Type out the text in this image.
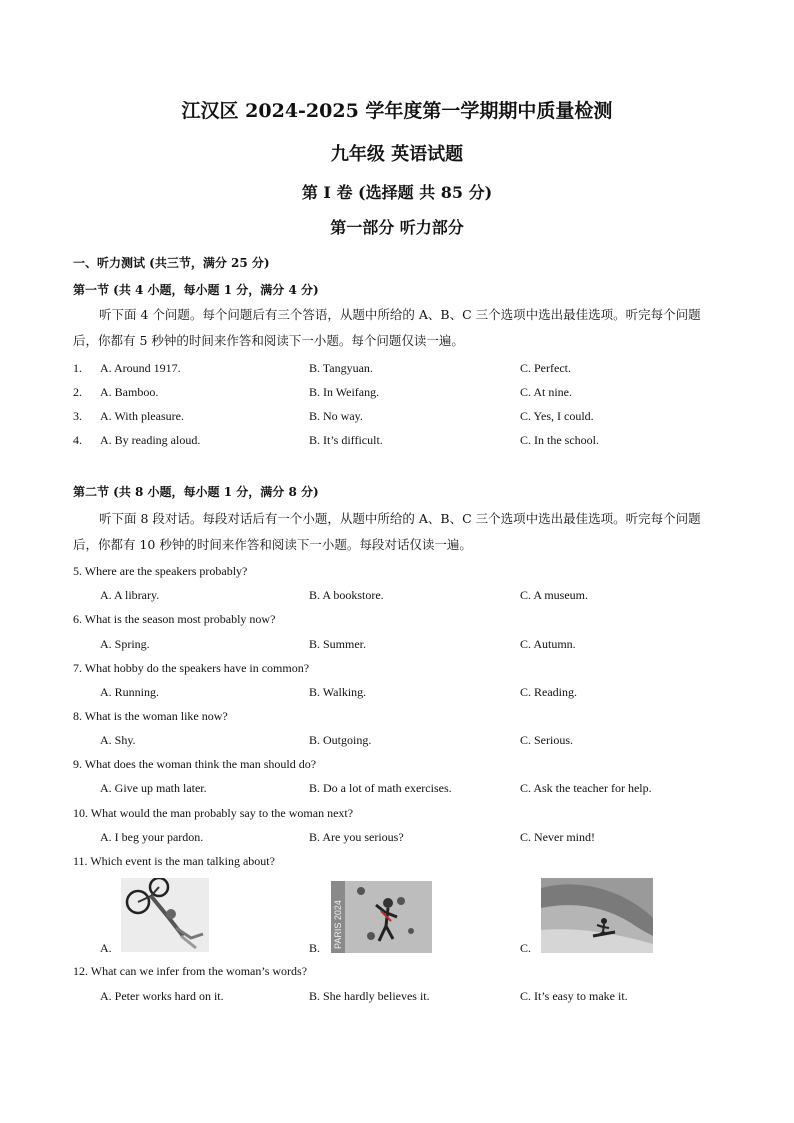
江汉区 2024-2025 学年度第一学期期中质量检测
九年级 英语试题
第 I 卷 (选择题 共 85 分)
第一部分 听力部分
一、听力测试 (共三节，满分 25 分)
第一节 (共 4 小题，每小题 1 分，满分 4 分)
听下面 4 个问题。每个问题后有三个答语，从题中所给的 A、B、C 三个选项中选出最佳选项。听完每个问题后，你都有 5 秒钟的时间来作答和阅读下一小题。每个问题仅读一遍。
1. A. Around 1917.	B. Tangyuan.	C. Perfect.
2. A. Bamboo.	B. In Weifang.	C. At nine.
3. A. With pleasure.	B. No way.	C. Yes, I could.
4. A. By reading aloud.	B. It’s difficult.	C. In the school.
第二节 (共 8 小题，每小题 1 分，满分 8 分)
听下面 8 段对话。每段对话后有一个小题，从题中所给的 A、B、C 三个选项中选出最佳选项。听完每个问题后，你都有 10 秒钟的时间来作答和阅读下一小题。每段对话仅读一遍。
5. Where are the speakers probably?
A. A library.	B. A bookstore.	C. A museum.
6. What is the season most probably now?
A. Spring.	B. Summer.	C. Autumn.
7. What hobby do the speakers have in common?
A. Running.	B. Walking.	C. Reading.
8. What is the woman like now?
A. Shy.	B. Outgoing.	C. Serious.
9. What does the woman think the man should do?
A. Give up math later.	B. Do a lot of math exercises.	C. Ask the teacher for help.
10. What would the man probably say to the woman next?
A. I beg your pardon.	B. Are you serious?	C. Never mind!
11. Which event is the man talking about?
A.	B. PARIS 2024	C.
12. What can we infer from the woman’s words?
A. Peter works hard on it.	B. She hardly believes it.	C. It’s easy to make it.
